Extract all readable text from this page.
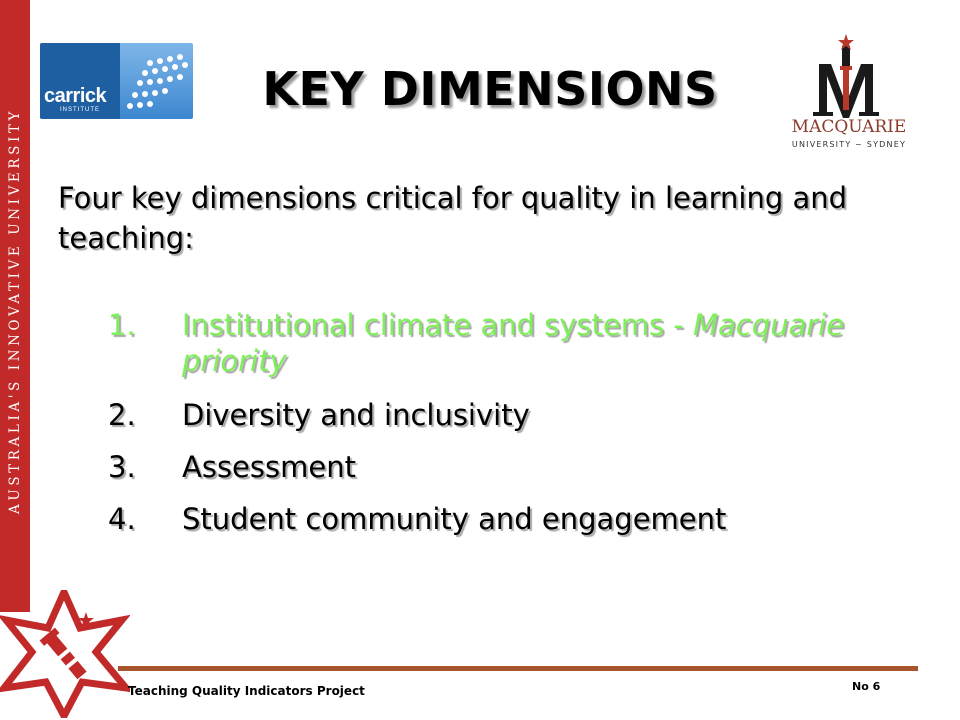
AUSTRALIA'S INNOVATIVE UNIVERSITY
carrick
INSTITUTE	KEY DIMENSIONS
MACQUARIE
UNIVERSITY ~ SYDNEY
Four key dimensions critical for quality in learning and teaching:
1.	Institutional climate and systems - Macquarie priority
2.	Diversity and inclusivity
3.	Assessment
4.	Student community and engagement
Teaching Quality Indicators Project	No 6
